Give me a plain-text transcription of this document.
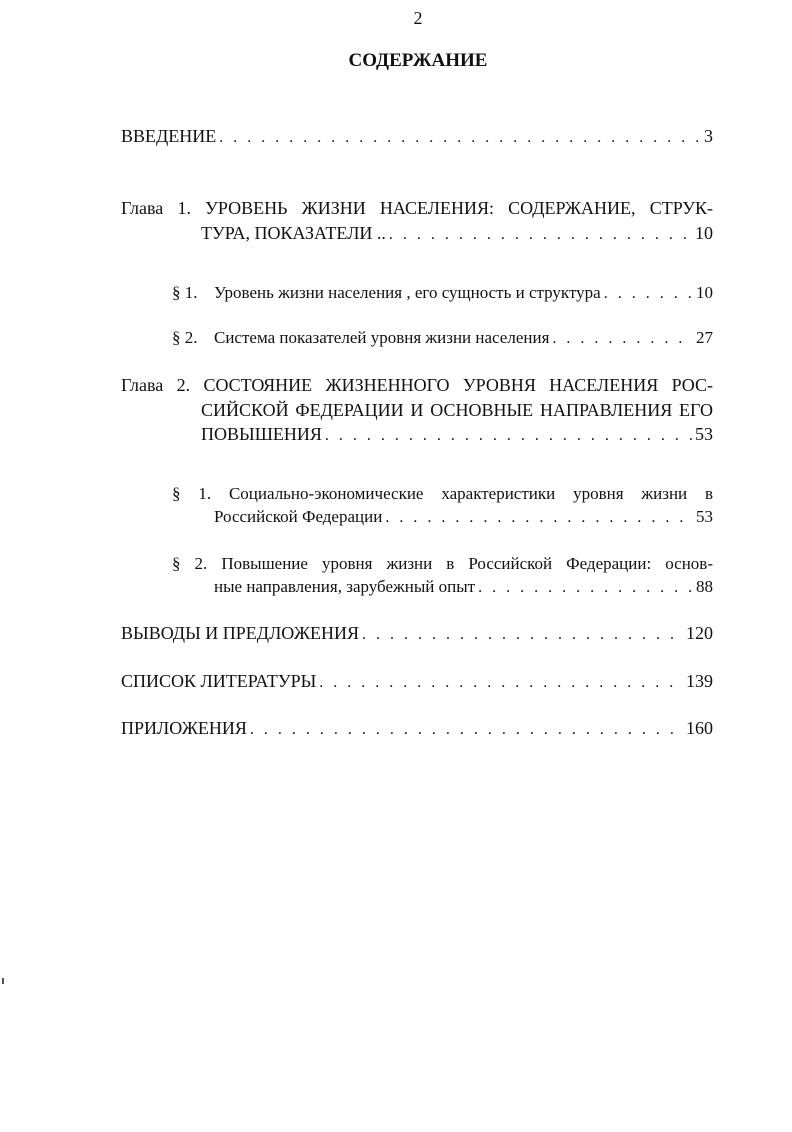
2
СОДЕРЖАНИЕ
ВВЕДЕНИЕ . . .	3
Глава 1. УРОВЕНЬ ЖИЗНИ НАСЕЛЕНИЯ: СОДЕРЖАНИЕ, СТРУК-
ТУРА, ПОКАЗАТЕЛИ .. . . .	10
§ 1. Уровень жизни населения , его сущность и структура . . .	10
§ 2. Система показателей уровня жизни населения . . .	27
Глава 2. СОСТОЯНИЕ ЖИЗНЕННОГО УРОВНЯ НАСЕЛЕНИЯ РОС-
СИЙСКОЙ ФЕДЕРАЦИИ И ОСНОВНЫЕ НАПРАВЛЕНИЯ ЕГО
ПОВЫШЕНИЯ . . .	53
§ 1. Социально-экономические характеристики уровня жизни в
Российской Федерации . . .	53
§ 2. Повышение уровня жизни в Российской Федерации: основ-
ные направления, зарубежный опыт . . .	88
ВЫВОДЫ И ПРЕДЛОЖЕНИЯ . . .	120
СПИСОК ЛИТЕРАТУРЫ . . .	139
ПРИЛОЖЕНИЯ . . .	160
